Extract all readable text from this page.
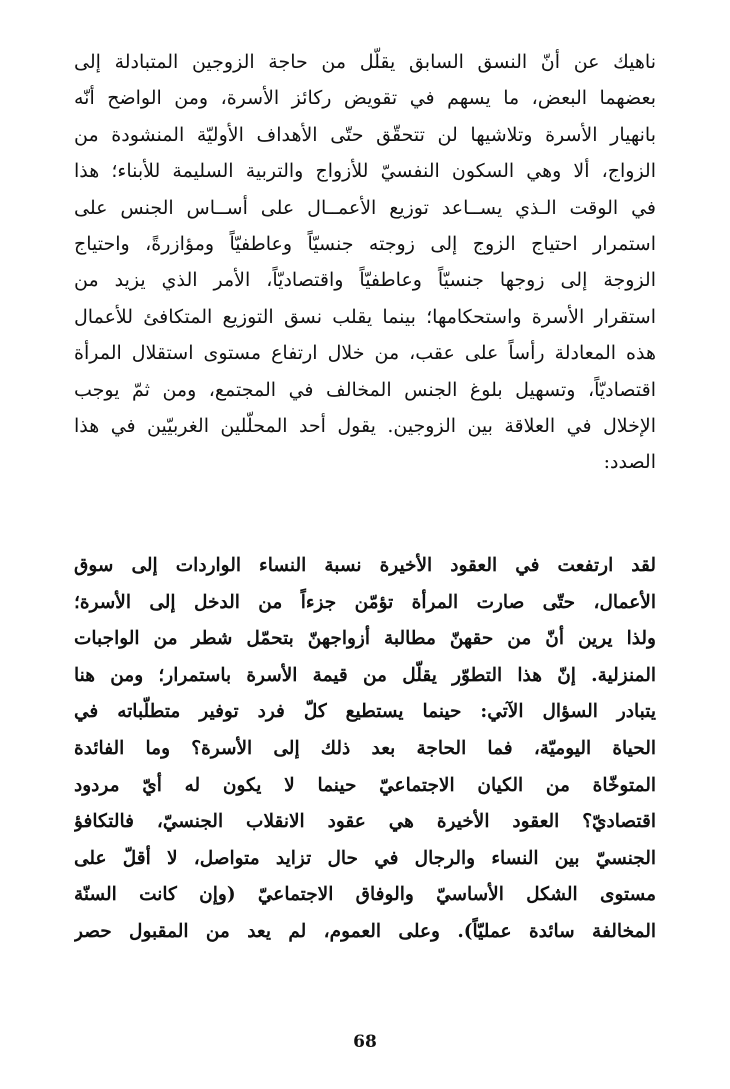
ناهيك عن أنّ النسق السابق يقلّل من حاجة الزوجين المتبادلة إلى
بعضهما البعض، ما يسهم في تقويض ركائز الأسرة، ومن الواضح أنّه
بانهيار الأسرة وتلاشيها لن تتحقّق حتّى الأهداف الأوليّة المنشودة من
الزواج، ألا وهي السكون النفسيّ للأزواج والتربية السليمة للأبناء؛ هذا
في الوقت الـذي يســاعد توزيع الأعمــال على أســاس الجنس على
استمرار احتياج الزوج إلى زوجته جنسيّاً وعاطفيّاً ومؤازرةً، واحتياج
الزوجة إلى زوجها جنسيّاً وعاطفيّاً واقتصاديّاً، الأمر الذي يزيد من
استقرار الأسرة واستحكامها؛ بينما يقلب نسق التوزيع المتكافئ للأعمال
هذه المعادلة رأساً على عقب، من خلال ارتفاع مستوى استقلال المرأة
اقتصاديّاً، وتسهيل بلوغ الجنس المخالف في المجتمع، ومن ثمّ يوجب
الإخلال في العلاقة بين الزوجين. يقول أحد المحلّلين الغربيّين في هذا
الصدد:
لقد ارتفعت في العقود الأخيرة نسبة النساء الواردات إلى سوق
الأعمال، حتّى صارت المرأة تؤمّن جزءاً من الدخل إلى الأسرة؛
ولذا يرين أنّ من حقهنّ مطالبة أزواجهنّ بتحمّل شطر من الواجبات
المنزلية. إنّ هذا التطوّر يقلّل من قيمة الأسرة باستمرار؛ ومن هنا
يتبادر السؤال الآتي: حينما يستطيع كلّ فرد توفير متطلّباته في
الحياة اليوميّة، فما الحاجة بعد ذلك إلى الأسرة؟ وما الفائدة
المتوخّاة من الكيان الاجتماعيّ حينما لا يكون له أيّ مردود
اقتصاديّ؟ العقود الأخيرة هي عقود الانقلاب الجنسيّ، فالتكافؤ
الجنسيّ بين النساء والرجال في حال تزايد متواصل، لا أقلّ على
مستوى الشكل الأساسيّ والوفاق الاجتماعيّ (وإن كانت السنّة
المخالفة سائدة عمليّاً). وعلى العموم، لم يعد من المقبول حصر
68
